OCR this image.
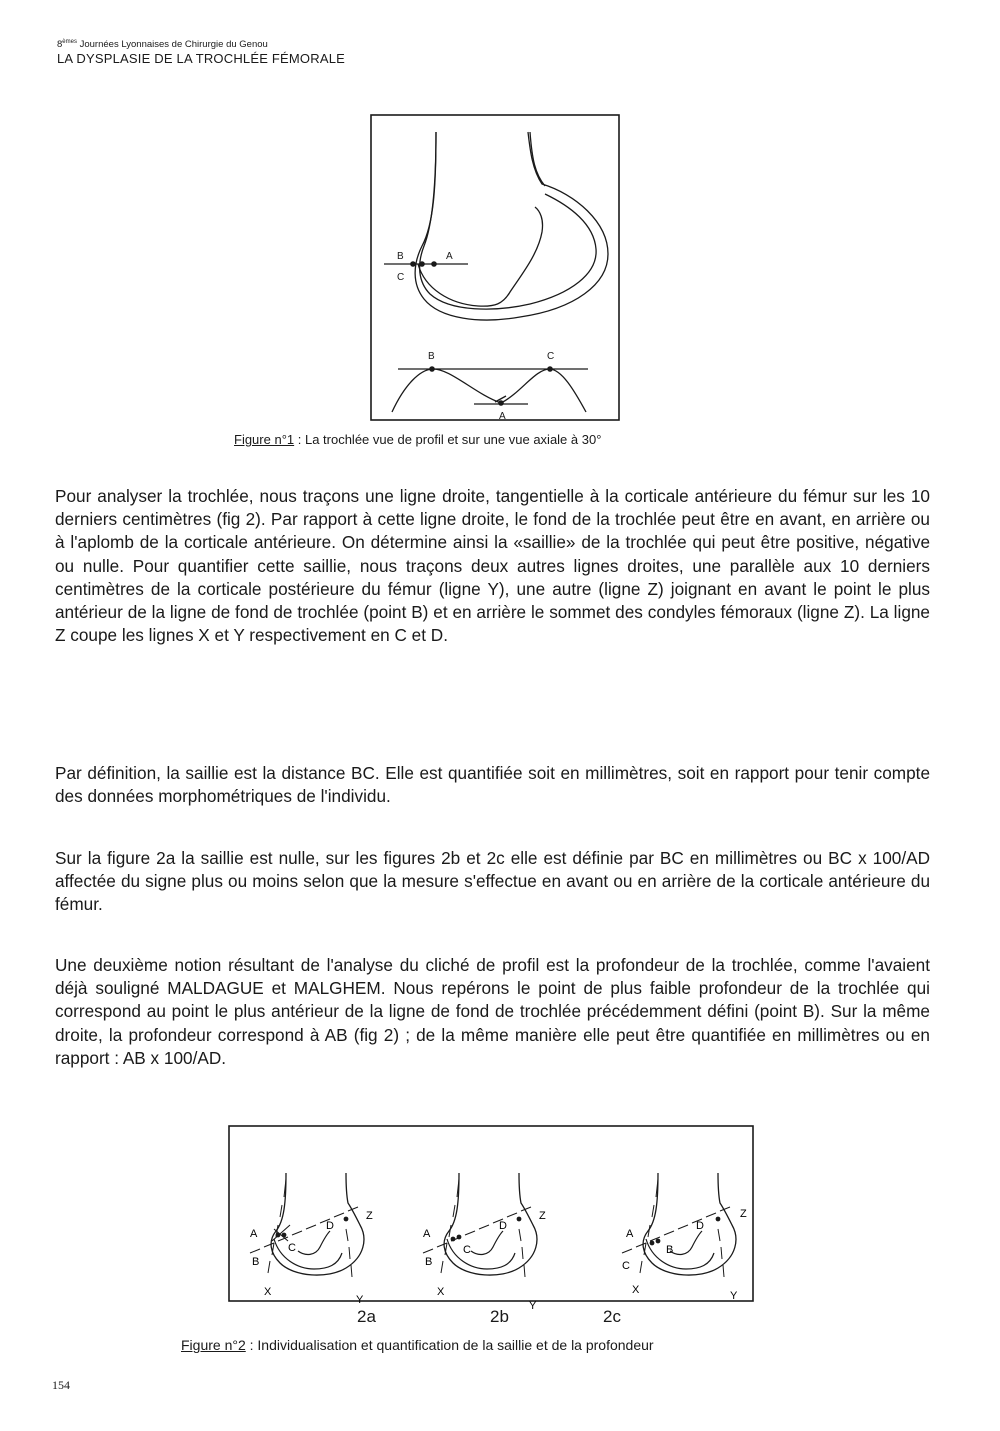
8èmes Journées Lyonnaises de Chirurgie du Genou
LA DYSPLASIE DE LA TROCHLÉE FÉMORALE
B	A
C
B	C
A
Figure n°1 : La trochlée vue de profil et sur une vue axiale à 30°

Pour analyser la trochlée, nous traçons une ligne droite, tangentielle à la corticale antérieure du fémur sur les 10 derniers centimètres (fig 2). Par rapport à cette ligne droite, le fond de la trochlée peut être en avant, en arrière ou à l'aplomb de la corticale antérieure. On détermine ainsi la «saillie» de la trochlée qui peut être positive, négative ou nulle. Pour quantifier cette saillie, nous traçons deux autres lignes droites, une parallèle aux 10 derniers centimètres de la corticale postérieure du fémur (ligne Y), une autre (ligne Z) joignant en avant le point le plus antérieur de la ligne de fond de trochlée (point B) et en arrière le sommet des condyles fémoraux (ligne Z). La ligne Z coupe les lignes X et Y respectivement en C et D.

Par définition, la saillie est la distance BC. Elle est quantifiée soit en millimètres, soit en rapport pour tenir compte des données morphométriques de l'individu.

Sur la figure 2a la saillie est nulle, sur les figures 2b et 2c elle est définie par BC en millimètres ou BC x 100/AD affectée du signe plus ou moins selon que la mesure s'effectue en avant ou en arrière de la corticale antérieure du fémur.

Une deuxième notion résultant de l'analyse du cliché de profil est la profondeur de la trochlée, comme l'avaient déjà souligné MALDAGUE et MALGHEM. Nous repérons le point de plus faible profondeur de la trochlée qui correspond au point le plus antérieur de la ligne de fond de trochlée précédemment défini (point B). Sur la même droite, la profondeur correspond à AB (fig 2) ; de la même manière elle peut être quantifiée en millimètres ou en rapport : AB x 100/AD.

A
B
C
D
X
Y
Z
A
B
C
D
X
Y
Z
A
C
B
D
X	Y
Z
2a	2b	2c
Figure n°2 : Individualisation et quantification de la saillie et de la profondeur
154
